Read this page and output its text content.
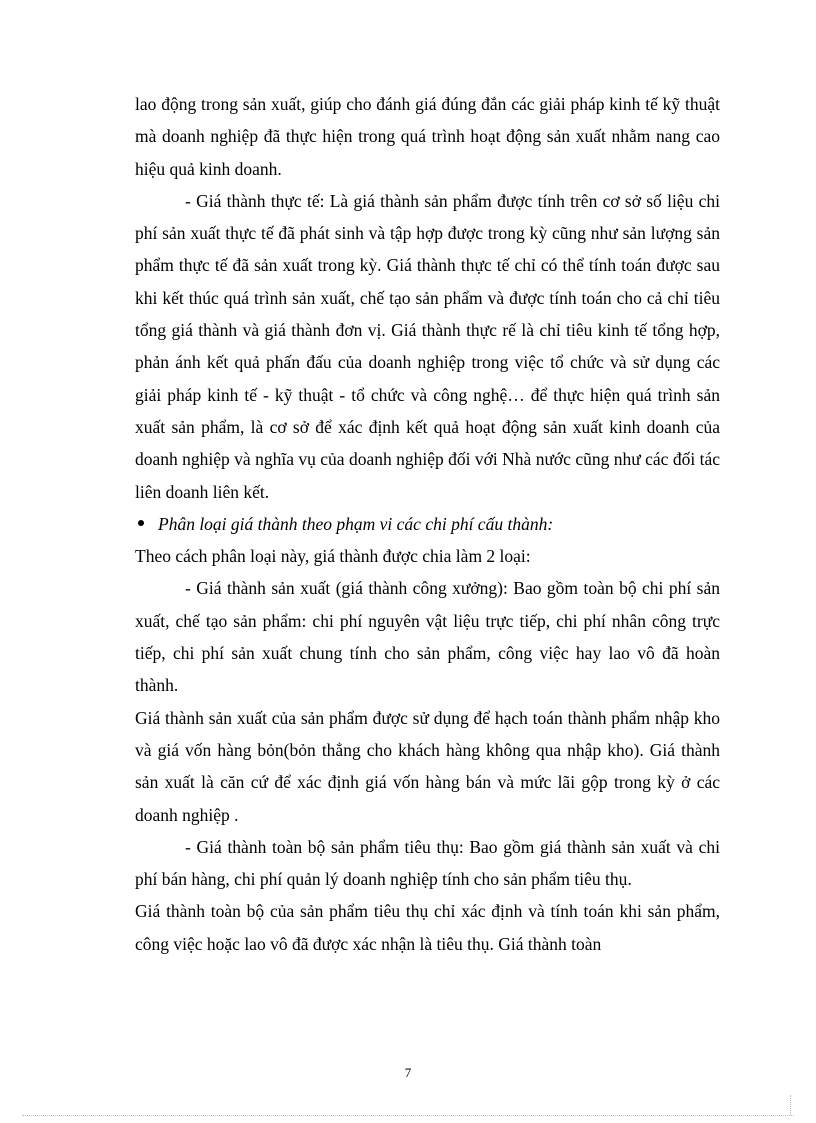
lao động trong sản xuất, giúp cho đánh giá đúng đắn các giải pháp kinh tế kỹ thuật mà doanh nghiệp đã thực hiện trong quá trình hoạt động sản xuất nhằm nang cao hiệu quả kinh doanh.

- Giá thành thực tế: Là giá thành sản phẩm được tính trên cơ sở số liệu chi phí sản xuất thực tế đã phát sinh và tập hợp được trong kỳ cũng như sản lượng sản phẩm thực tế đã sản xuất trong kỳ. Giá thành thực tế chỉ có thể tính toán được sau khi kết thúc quá trình sản xuất, chế tạo sản phẩm và được tính toán cho cả chỉ tiêu tổng giá thành và giá thành đơn vị. Giá thành thực rế là chỉ tiêu kinh tế tổng hợp, phản ánh kết quả phấn đấu của doanh nghiệp trong việc tổ chức và sử dụng các giải pháp kinh tế - kỹ thuật - tổ chức và công nghệ… để thực hiện quá trình sản xuất sản phẩm, là cơ sở để xác định kết quả hoạt động sản xuất kinh doanh của doanh nghiệp và nghĩa vụ của doanh nghiệp đối với Nhà nước cũng như các đối tác liên doanh liên kết.

Phân loại giá thành theo phạm vi các chi phí cấu thành:

Theo cách phân loại này, giá thành được chia làm 2 loại:

- Giá thành sản xuất (giá thành công xưởng): Bao gồm toàn bộ chi phí sản xuất, chế tạo sản phẩm: chi phí nguyên vật liệu trực tiếp, chi phí nhân công trực tiếp, chi phí sản xuất chung tính cho sản phẩm, công việc hay lao vô đã hoàn thành.

Giá thành sản xuất của sản phẩm được sử dụng để hạch toán thành phẩm nhập kho và giá vốn hàng bỏn(bỏn thẳng cho khách hàng không qua nhập kho). Giá thành sản xuất là căn cứ để xác định giá vốn hàng bán và mức lãi gộp trong kỳ ở các doanh nghiệp .

- Giá thành toàn bộ sản phẩm tiêu thụ: Bao gồm giá thành sản xuất và chi phí bán hàng, chi phí quản lý doanh nghiệp tính cho sản phẩm tiêu thụ.

Giá thành toàn bộ của sản phẩm tiêu thụ chỉ xác định và tính toán khi sản phẩm, công việc hoặc lao vô đã được xác nhận là tiêu thụ. Giá thành toàn

7
